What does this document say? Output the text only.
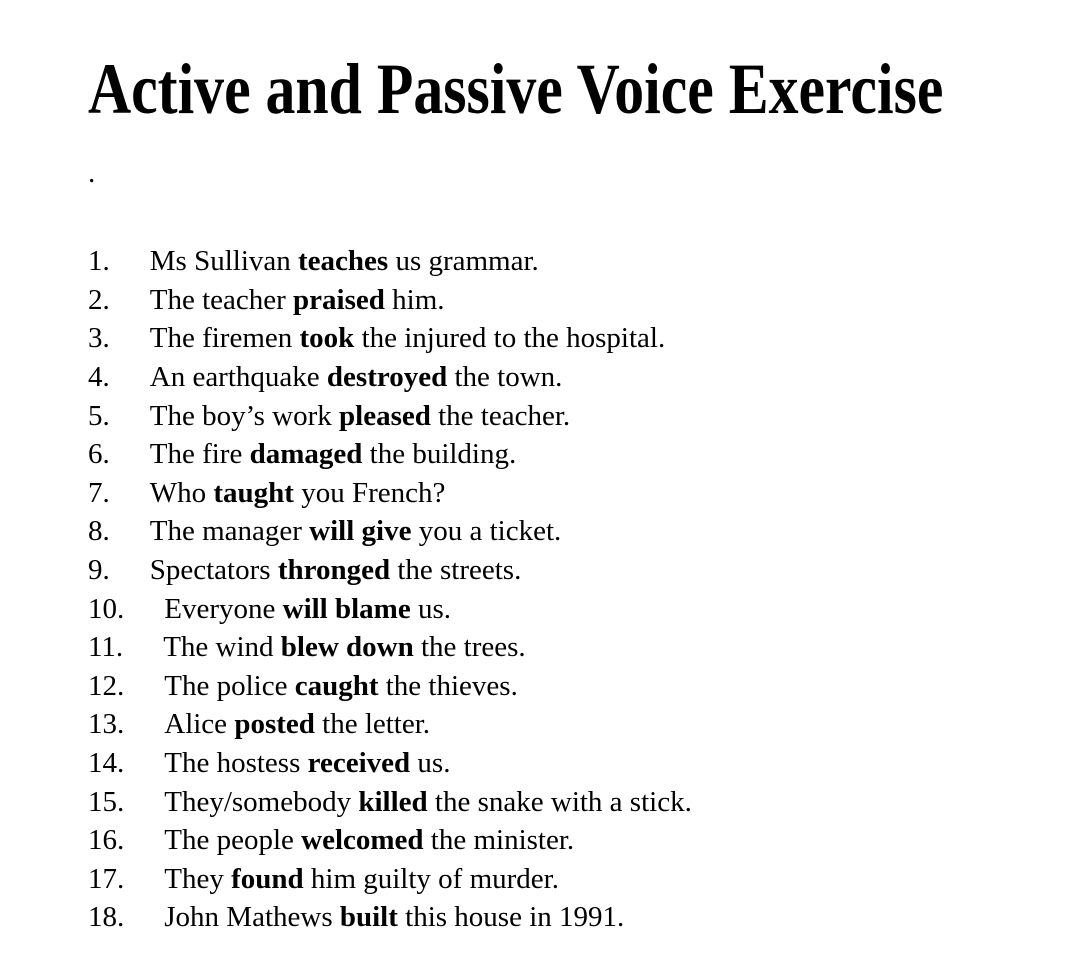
Active and Passive Voice Exercise
.
1. Ms Sullivan teaches us grammar.
2. The teacher praised him.
3. The firemen took the injured to the hospital.
4. An earthquake destroyed the town.
5. The boy’s work pleased the teacher.
6. The fire damaged the building.
7. Who taught you French?
8. The manager will give you a ticket.
9. Spectators thronged the streets.
10. Everyone will blame us.
11. The wind blew down the trees.
12. The police caught the thieves.
13. Alice posted the letter.
14. The hostess received us.
15. They/somebody killed the snake with a stick.
16. The people welcomed the minister.
17. They found him guilty of murder.
18. John Mathews built this house in 1991.
